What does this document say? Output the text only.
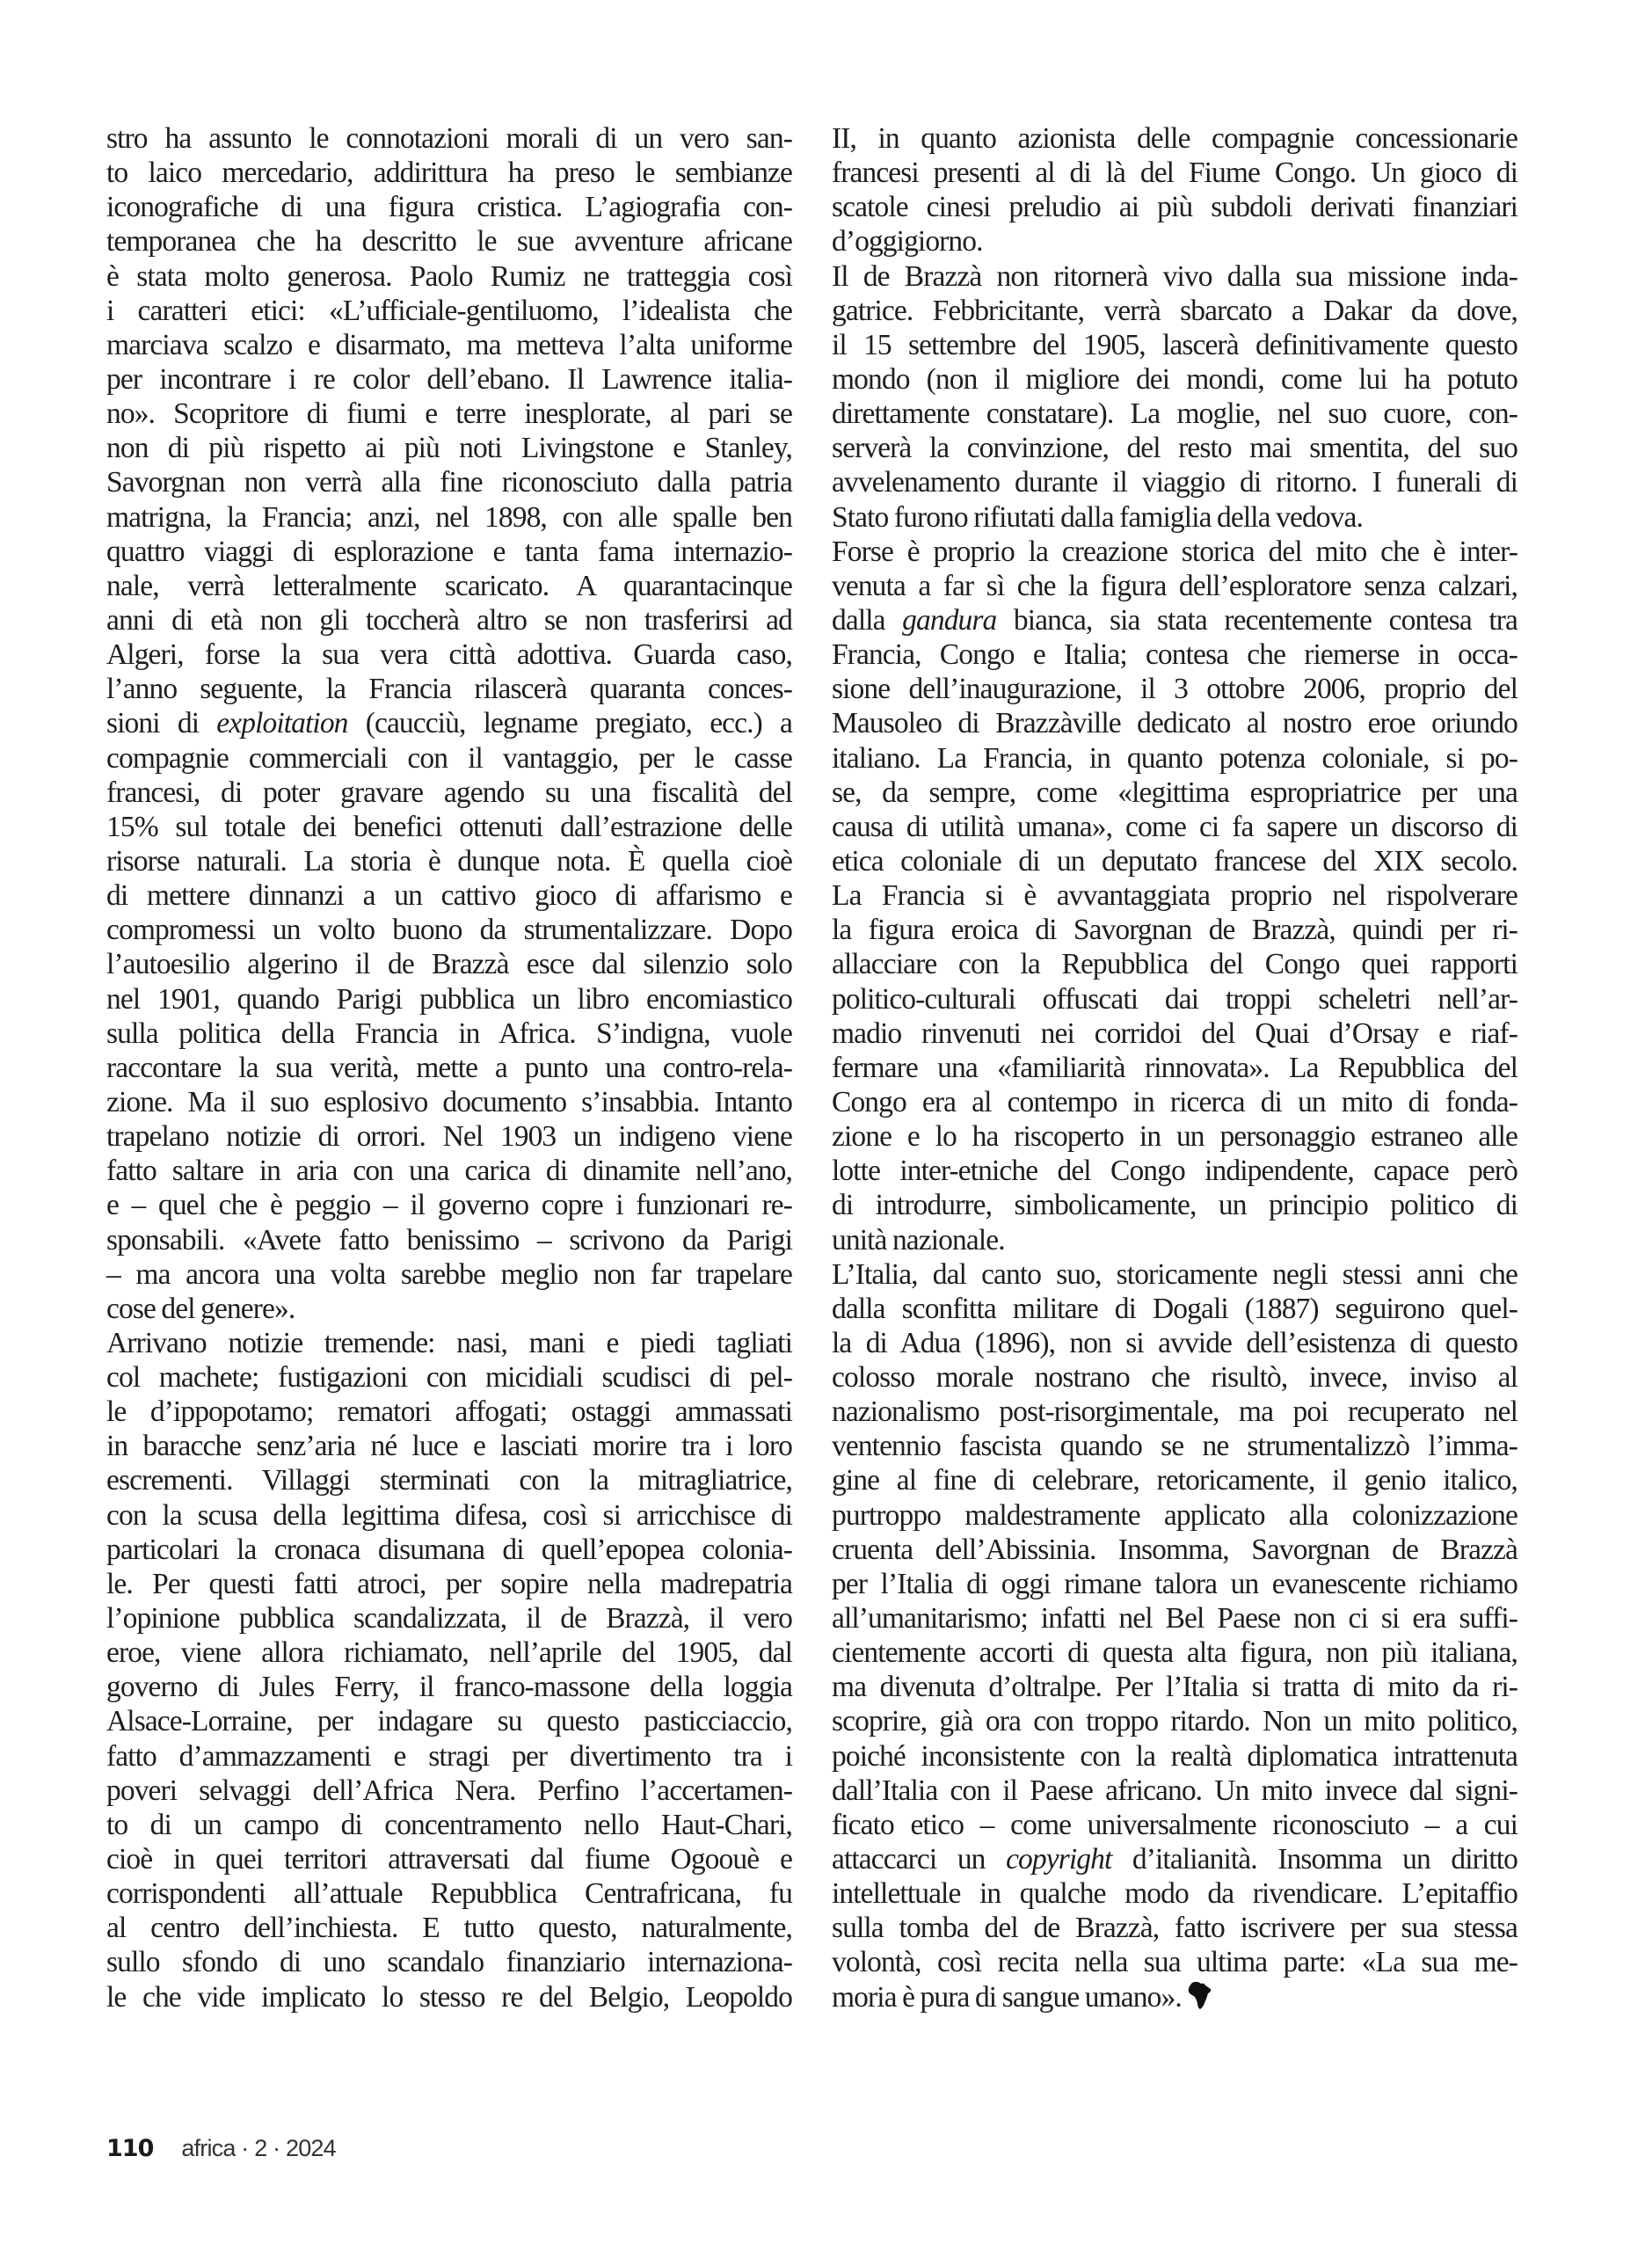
stro ha assunto le connotazioni morali di un vero san-
to laico mercedario, addirittura ha preso le sembianze
iconografiche di una figura cristica. L’agiografia con-
temporanea che ha descritto le sue avventure africane
è stata molto generosa. Paolo Rumiz ne tratteggia così
i caratteri etici: «L’ufficiale-gentiluomo, l’idealista che
marciava scalzo e disarmato, ma metteva l’alta uniforme
per incontrare i re color dell’ebano. Il Lawrence italia-
no». Scopritore di fiumi e terre inesplorate, al pari se
non di più rispetto ai più noti Livingstone e Stanley,
Savorgnan non verrà alla fine riconosciuto dalla patria
matrigna, la Francia; anzi, nel 1898, con alle spalle ben
quattro viaggi di esplorazione e tanta fama internazio-
nale, verrà letteralmente scaricato. A quarantacinque
anni di età non gli toccherà altro se non trasferirsi ad
Algeri, forse la sua vera città adottiva. Guarda caso,
l’anno seguente, la Francia rilascerà quaranta conces-
sioni di exploitation (caucciù, legname pregiato, ecc.) a
compagnie commerciali con il vantaggio, per le casse
francesi, di poter gravare agendo su una fiscalità del
15% sul totale dei benefici ottenuti dall’estrazione delle
risorse naturali. La storia è dunque nota. È quella cioè
di mettere dinnanzi a un cattivo gioco di affarismo e
compromessi un volto buono da strumentalizzare. Dopo
l’autoesilio algerino il de Brazzà esce dal silenzio solo
nel 1901, quando Parigi pubblica un libro encomiastico
sulla politica della Francia in Africa. S’indigna, vuole
raccontare la sua verità, mette a punto una contro-rela-
zione. Ma il suo esplosivo documento s’insabbia. Intanto
trapelano notizie di orrori. Nel 1903 un indigeno viene
fatto saltare in aria con una carica di dinamite nell’ano,
e – quel che è peggio – il governo copre i funzionari re-
sponsabili. «Avete fatto benissimo – scrivono da Parigi
– ma ancora una volta sarebbe meglio non far trapelare
cose del genere».
Arrivano notizie tremende: nasi, mani e piedi tagliati
col machete; fustigazioni con micidiali scudisci di pel-
le d’ippopotamo; rematori affogati; ostaggi ammassati
in baracche senz’aria né luce e lasciati morire tra i loro
escrementi. Villaggi sterminati con la mitragliatrice,
con la scusa della legittima difesa, così si arricchisce di
particolari la cronaca disumana di quell’epopea colonia-
le. Per questi fatti atroci, per sopire nella madrepatria
l’opinione pubblica scandalizzata, il de Brazzà, il vero
eroe, viene allora richiamato, nell’aprile del 1905, dal
governo di Jules Ferry, il franco-massone della loggia
Alsace-Lorraine, per indagare su questo pasticciaccio,
fatto d’ammazzamenti e stragi per divertimento tra i
poveri selvaggi dell’Africa Nera. Perfino l’accertamen-
to di un campo di concentramento nello Haut-Chari,
cioè in quei territori attraversati dal fiume Ogoouè e
corrispondenti all’attuale Repubblica Centrafricana, fu
al centro dell’inchiesta. E tutto questo, naturalmente,
sullo sfondo di uno scandalo finanziario internaziona-
le che vide implicato lo stesso re del Belgio, Leopoldo
II, in quanto azionista delle compagnie concessionarie
francesi presenti al di là del Fiume Congo. Un gioco di
scatole cinesi preludio ai più subdoli derivati finanziari
d’oggigiorno.
Il de Brazzà non ritornerà vivo dalla sua missione inda-
gatrice. Febbricitante, verrà sbarcato a Dakar da dove,
il 15 settembre del 1905, lascerà definitivamente questo
mondo (non il migliore dei mondi, come lui ha potuto
direttamente constatare). La moglie, nel suo cuore, con-
serverà la convinzione, del resto mai smentita, del suo
avvelenamento durante il viaggio di ritorno. I funerali di
Stato furono rifiutati dalla famiglia della vedova.
Forse è proprio la creazione storica del mito che è inter-
venuta a far sì che la figura dell’esploratore senza calzari,
dalla gandura bianca, sia stata recentemente contesa tra
Francia, Congo e Italia; contesa che riemerse in occa-
sione dell’inaugurazione, il 3 ottobre 2006, proprio del
Mausoleo di Brazzàville dedicato al nostro eroe oriundo
italiano. La Francia, in quanto potenza coloniale, si po-
se, da sempre, come «legittima espropriatrice per una
causa di utilità umana», come ci fa sapere un discorso di
etica coloniale di un deputato francese del XIX secolo.
La Francia si è avvantaggiata proprio nel rispolverare
la figura eroica di Savorgnan de Brazzà, quindi per ri-
allacciare con la Repubblica del Congo quei rapporti
politico-culturali offuscati dai troppi scheletri nell’ar-
madio rinvenuti nei corridoi del Quai d’Orsay e riaf-
fermare una «familiarità rinnovata». La Repubblica del
Congo era al contempo in ricerca di un mito di fonda-
zione e lo ha riscoperto in un personaggio estraneo alle
lotte inter-etniche del Congo indipendente, capace però
di introdurre, simbolicamente, un principio politico di
unità nazionale.
L’Italia, dal canto suo, storicamente negli stessi anni che
dalla sconfitta militare di Dogali (1887) seguirono quel-
la di Adua (1896), non si avvide dell’esistenza di questo
colosso morale nostrano che risultò, invece, inviso al
nazionalismo post-risorgimentale, ma poi recuperato nel
ventennio fascista quando se ne strumentalizzò l’imma-
gine al fine di celebrare, retoricamente, il genio italico,
purtroppo maldestramente applicato alla colonizzazione
cruenta dell’Abissinia. Insomma, Savorgnan de Brazzà
per l’Italia di oggi rimane talora un evanescente richiamo
all’umanitarismo; infatti nel Bel Paese non ci si era suffi-
cientemente accorti di questa alta figura, non più italiana,
ma divenuta d’oltralpe. Per l’Italia si tratta di mito da ri-
scoprire, già ora con troppo ritardo. Non un mito politico,
poiché inconsistente con la realtà diplomatica intrattenuta
dall’Italia con il Paese africano. Un mito invece dal signi-
ficato etico – come universalmente riconosciuto – a cui
attaccarci un copyright d’italianità. Insomma un diritto
intellettuale in qualche modo da rivendicare. L’epitaffio
sulla tomba del de Brazzà, fatto iscrivere per sua stessa
volontà, così recita nella sua ultima parte: «La sua me-
moria è pura di sangue umano».
110 africa · 2 · 2024
